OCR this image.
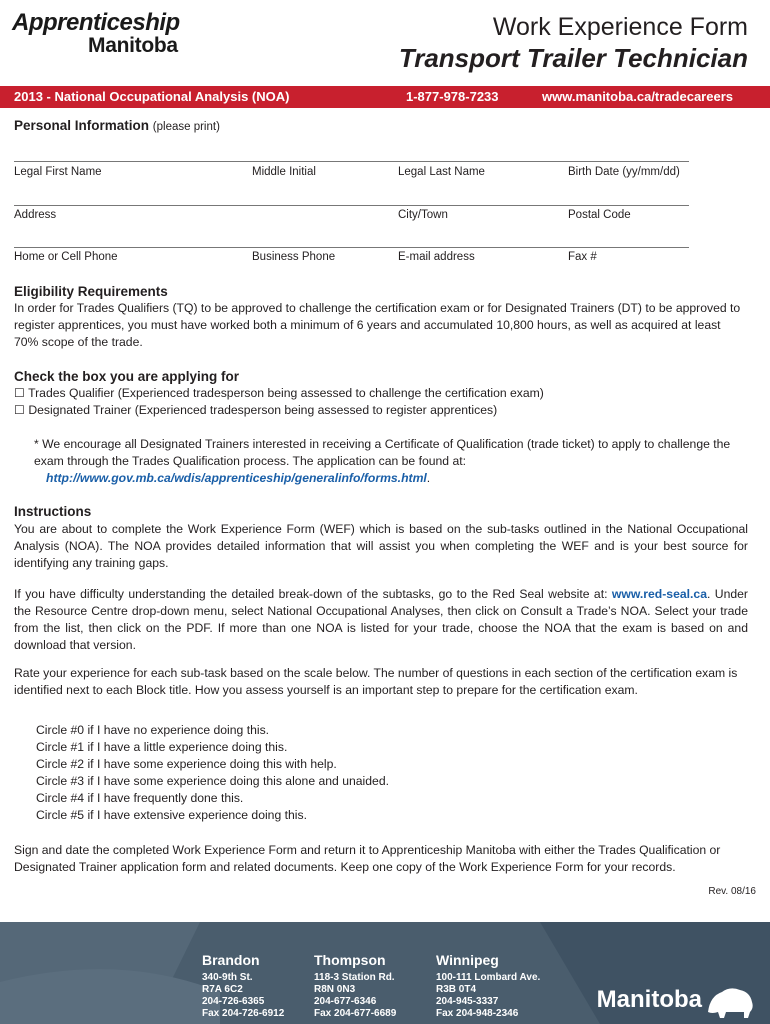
Apprenticeship
Manitoba
Work Experience Form
Transport Trailer Technician
2013 - National Occupational Analysis (NOA)	1-877-978-7233	www.manitoba.ca/tradecareers
Personal Information (please print)
Legal First Name	Middle Initial	Legal Last Name	Birth Date (yy/mm/dd)
Address	City/Town	Postal Code
Home or Cell Phone	Business Phone	E-mail address	Fax #
Eligibility Requirements
In order for Trades Qualifiers (TQ) to be approved to challenge the certification exam or for Designated Trainers (DT) to be approved to register apprentices, you must have worked both a minimum of 6 years and accumulated 10,800 hours, as well as acquired at least 70% scope of the trade.
Check the box you are applying for
☐ Trades Qualifier (Experienced tradesperson being assessed to challenge the certification exam)
☐ Designated Trainer (Experienced tradesperson being assessed to register apprentices)
* We encourage all Designated Trainers interested in receiving a Certificate of Qualification (trade ticket) to apply to challenge the exam through the Trades Qualification process. The application can be found at:
http://www.gov.mb.ca/wdis/apprenticeship/generalinfo/forms.html.
Instructions
You are about to complete the Work Experience Form (WEF) which is based on the sub-tasks outlined in the National Occupational Analysis (NOA). The NOA provides detailed information that will assist you when completing the WEF and is your best source for identifying any training gaps.
If you have difficulty understanding the detailed break-down of the subtasks, go to the Red Seal website at: www.red-seal.ca. Under the Resource Centre drop-down menu, select National Occupational Analyses, then click on Consult a Trade’s NOA. Select your trade from the list, then click on the PDF. If more than one NOA is listed for your trade, choose the NOA that the exam is based on and download that version.
Rate your experience for each sub-task based on the scale below. The number of questions in each section of the certification exam is identified next to each Block title. How you assess yourself is an important step to prepare for the certification exam.
Circle #0 if I have no experience doing this.
Circle #1 if I have a little experience doing this.
Circle #2 if I have some experience doing this with help.
Circle #3 if I have some experience doing this alone and unaided.
Circle #4 if I have frequently done this.
Circle #5 if I have extensive experience doing this.
Sign and date the completed Work Experience Form and return it to Apprenticeship Manitoba with either the Trades Qualification or Designated Trainer application form and related documents. Keep one copy of the Work Experience Form for your records.
Rev. 08/16
Brandon
340-9th St.
R7A 6C2
204-726-6365
Fax 204-726-6912
Thompson
118-3 Station Rd.
R8N 0N3
204-677-6346
Fax 204-677-6689
Winnipeg
100-111 Lombard Ave.
R3B 0T4
204-945-3337
Fax 204-948-2346
Manitoba
